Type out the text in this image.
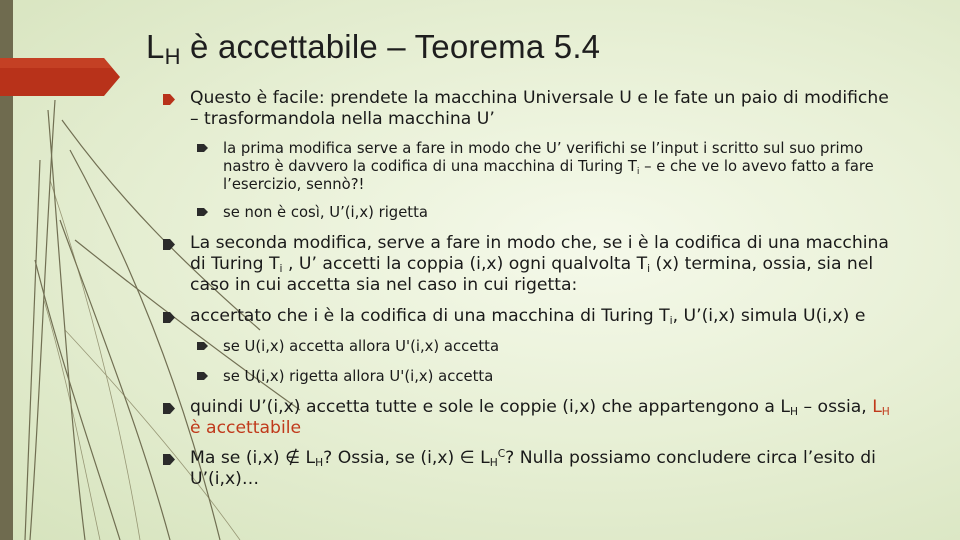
$L_H$ è accettabile – Teorema 5.4
Questo è facile: prendete la macchina Universale U e le fate un paio di modifiche – trasformandola nella macchina U’
la prima modifica serve a fare in modo che U’ verifichi se l’input i scritto sul suo primo nastro è davvero la codifica di una macchina di Turing $T_i$ – e che ve lo avevo fatto a fare l’esercizio, sennò?!
se non è così, U’(i,x) rigetta
La seconda modifica, serve a fare in modo che, se i è la codifica di una macchina di Turing $T_i$ , U’ accetti la coppia (i,x) ogni qualvolta $T_i$ (x) termina, ossia, sia nel caso in cui accetta sia nel caso in cui rigetta:
accertato che i è la codifica di una macchina di Turing $T_i$, U’(i,x) simula U(i,x) e
se U(i,x) accetta allora U'(i,x) accetta
se U(i,x) rigetta allora U'(i,x) accetta
quindi U’(i,x) accetta tutte e sole le coppie (i,x) che appartengono a $L_H$ – ossia, $L_H$ è accettabile
Ma se (i,x) ∉ $L_H$? Ossia, se (i,x) ∈ $L_H^C$? Nulla possiamo concludere circa l’esito di U’(i,x)…
